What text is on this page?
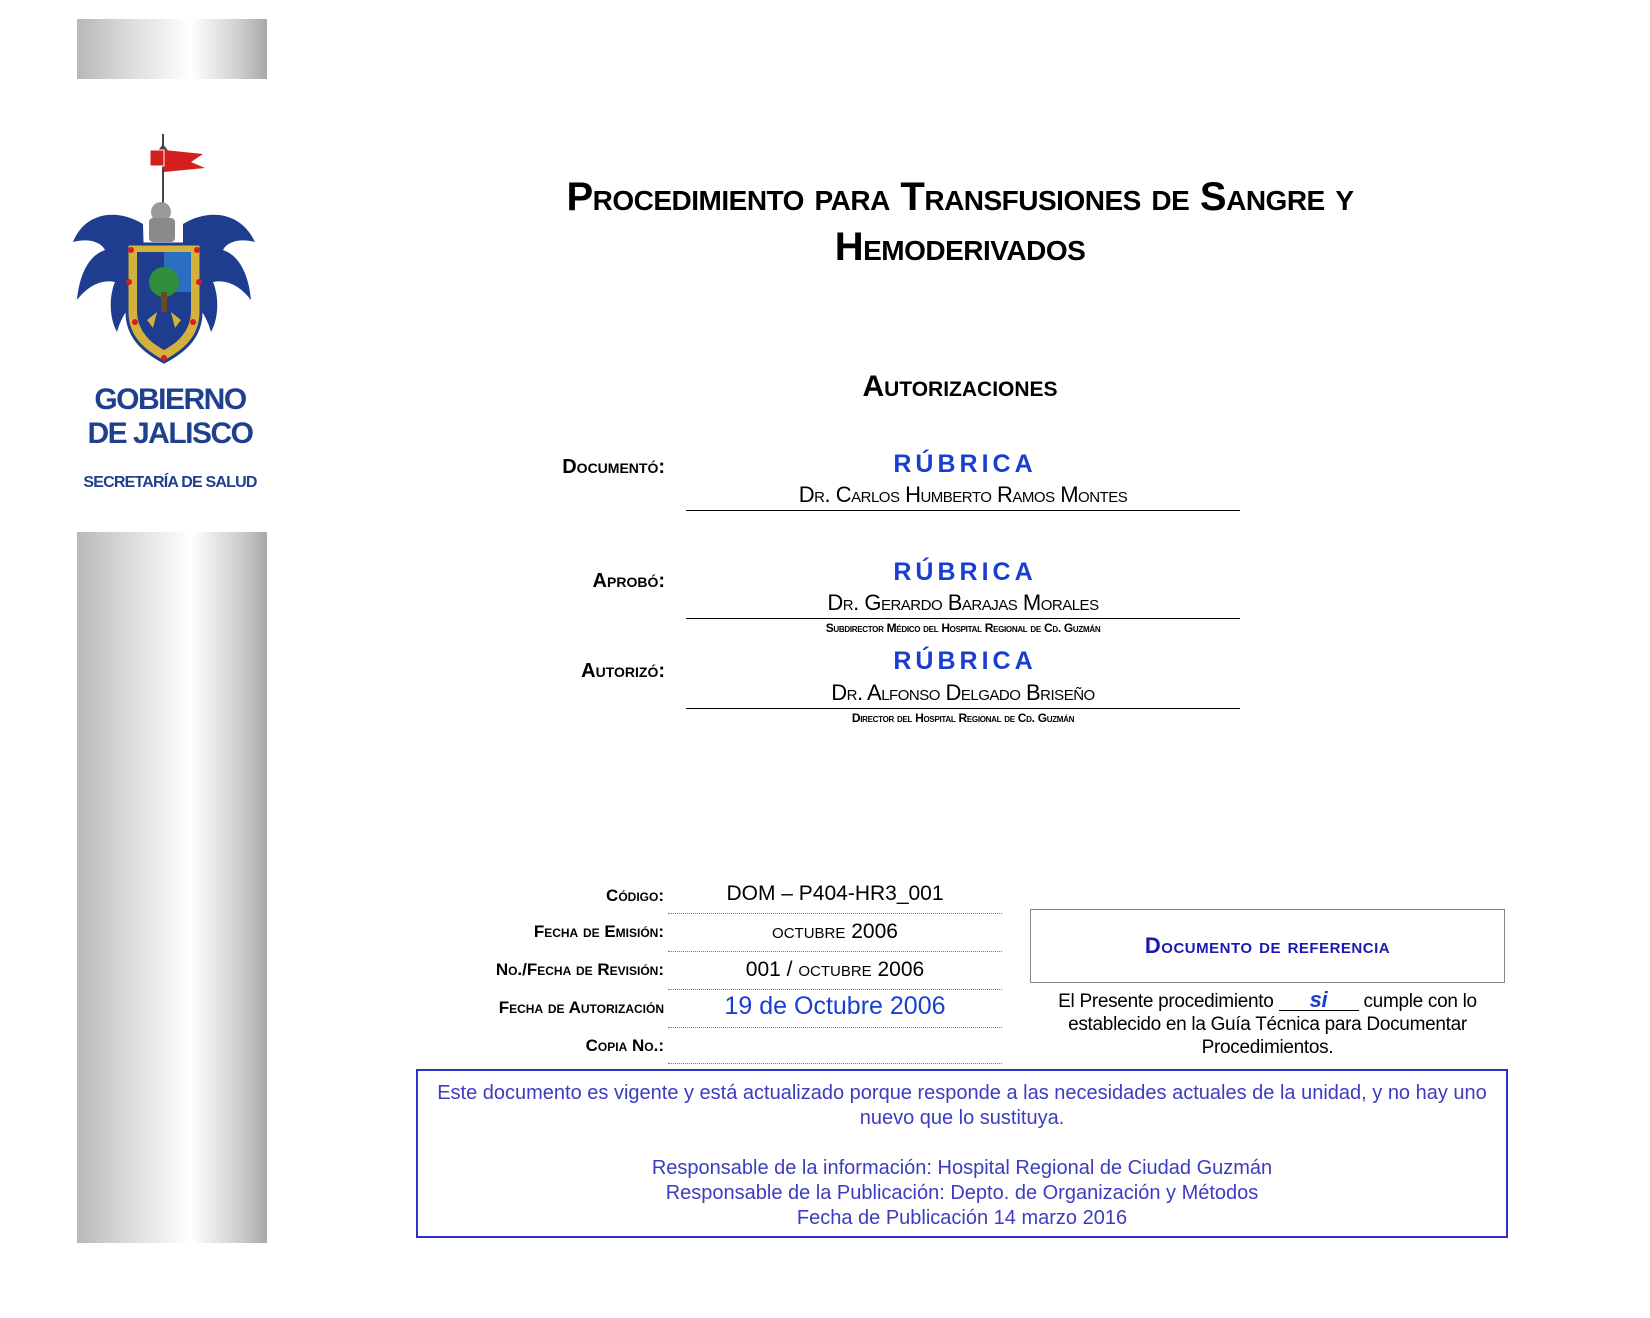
GOBIERNO
DE JALISCO
SECRETARÍA DE SALUD
Procedimiento para Transfusiones de Sangre y
Hemoderivados
Autorizaciones
Documentó:	RÚBRICA
Dr. Carlos Humberto Ramos Montes
Aprobó:	RÚBRICA
Dr. Gerardo Barajas Morales
Subdirector Médico del Hospital Regional de Cd. Guzmán
Autorizó:	RÚBRICA
Dr. Alfonso Delgado Briseño
Director del Hospital Regional de Cd. Guzmán
Código:	DOM – P404-HR3_001
Fecha de Emisión:	octubre 2006
No./Fecha de Revisión:	001 / octubre 2006
Fecha de Autorización	19 de Octubre 2006
Copia No.:
Documento de referencia
El Presente procedimiento si cumple con lo establecido en la Guía Técnica para Documentar Procedimientos.

Este documento es vigente y está actualizado porque responde a las necesidades actuales de la unidad, y no hay uno nuevo que lo sustituya.

Responsable de la información: Hospital Regional de Ciudad Guzmán

Responsable de la Publicación: Depto. de Organización y Métodos

Fecha de Publicación 14 marzo 2016
